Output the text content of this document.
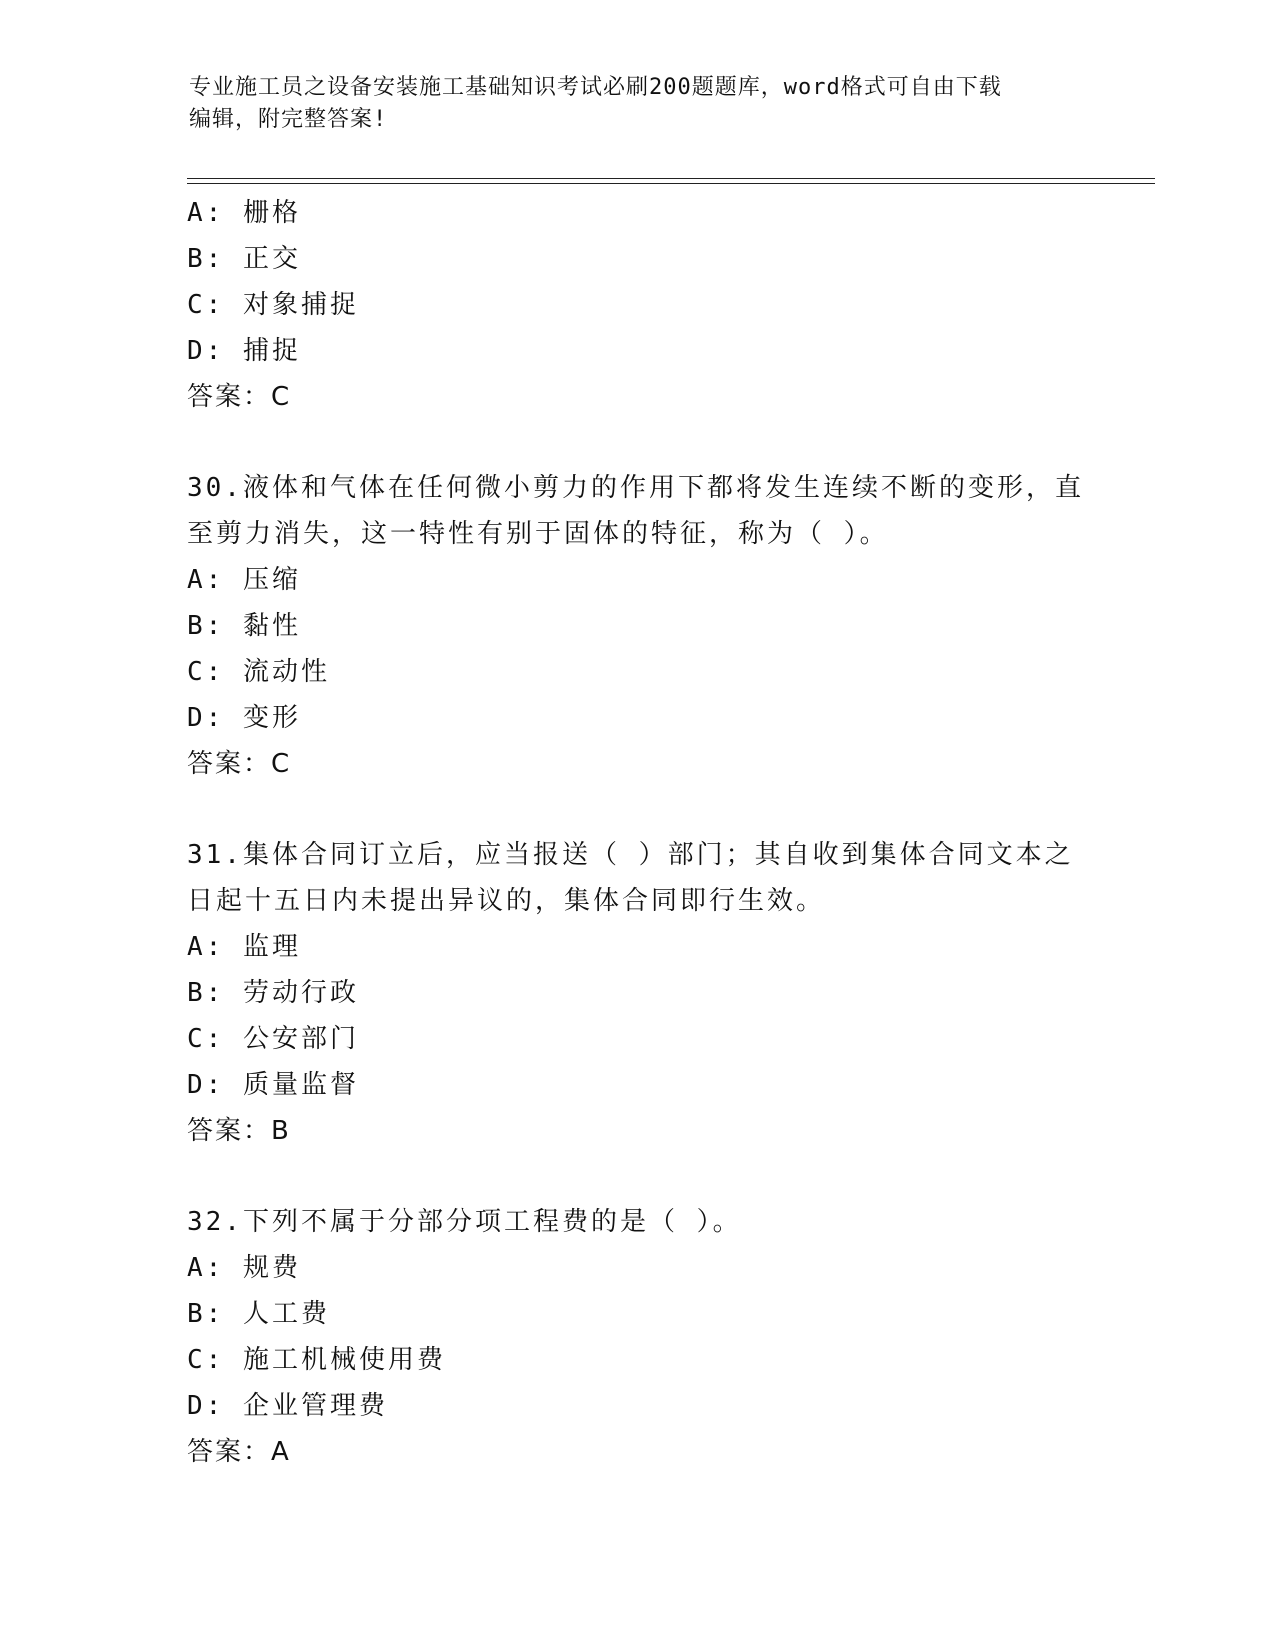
专业施工员之设备安装施工基础知识考试必刷200题题库，word格式可自由下载
编辑，附完整答案!
A: 栅格
B: 正交
C: 对象捕捉
D: 捕捉
答案：C
30.液体和气体在任何微小剪力的作用下都将发生连续不断的变形，直
至剪力消失，这一特性有别于固体的特征，称为（ ）。
A: 压缩
B: 黏性
C: 流动性
D: 变形
答案：C
31.集体合同订立后，应当报送（ ）部门；其自收到集体合同文本之
日起十五日内未提出异议的，集体合同即行生效。
A: 监理
B: 劳动行政
C: 公安部门
D: 质量监督
答案：B
32.下列不属于分部分项工程费的是（ ）。
A: 规费
B: 人工费
C: 施工机械使用费
D: 企业管理费
答案：A
